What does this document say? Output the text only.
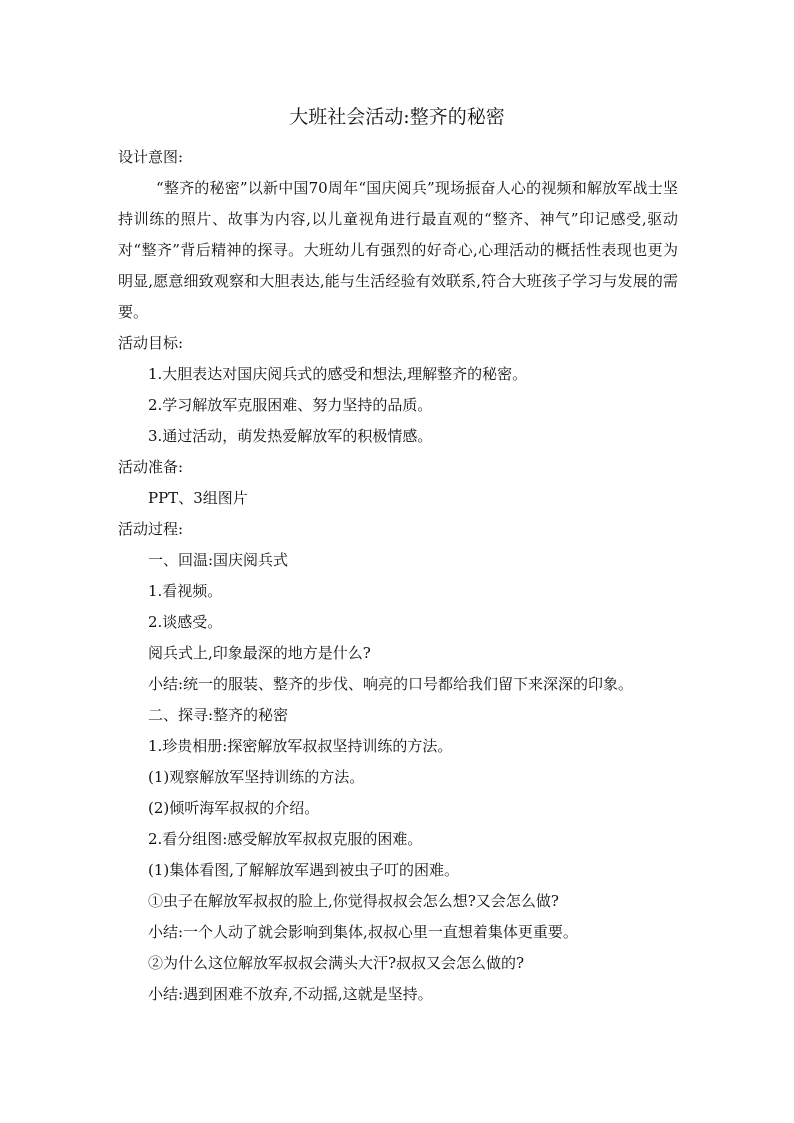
大班社会活动:整齐的秘密
设计意图:
“整齐的秘密”以新中国70周年“国庆阅兵”现场振奋人心的视频和解放军战士坚持训练的照片、故事为内容,以儿童视角进行最直观的“整齐、神气”印记感受,驱动对“整齐”背后精神的探寻。大班幼儿有强烈的好奇心,心理活动的概括性表现也更为明显,愿意细致观察和大胆表达,能与生活经验有效联系,符合大班孩子学习与发展的需要。
活动目标:
1.大胆表达对国庆阅兵式的感受和想法,理解整齐的秘密。
2.学习解放军克服困难、努力坚持的品质。
3.通过活动，萌发热爱解放军的积极情感。
活动准备:
PPT、3组图片
活动过程:
一、回温:国庆阅兵式
1.看视频。
2.谈感受。
阅兵式上,印象最深的地方是什么?
小结:统一的服装、整齐的步伐、响亮的口号都给我们留下来深深的印象。
二、探寻:整齐的秘密
1.珍贵相册:探密解放军叔叔坚持训练的方法。
(1)观察解放军坚持训练的方法。
(2)倾听海军叔叔的介绍。
2.看分组图:感受解放军叔叔克服的困难。
(1)集体看图,了解解放军遇到被虫子叮的困难。
①虫子在解放军叔叔的脸上,你觉得叔叔会怎么想?又会怎么做?
小结:一个人动了就会影响到集体,叔叔心里一直想着集体更重要。
②为什么这位解放军叔叔会满头大汗?叔叔又会怎么做的?
小结:遇到困难不放弃,不动摇,这就是坚持。
